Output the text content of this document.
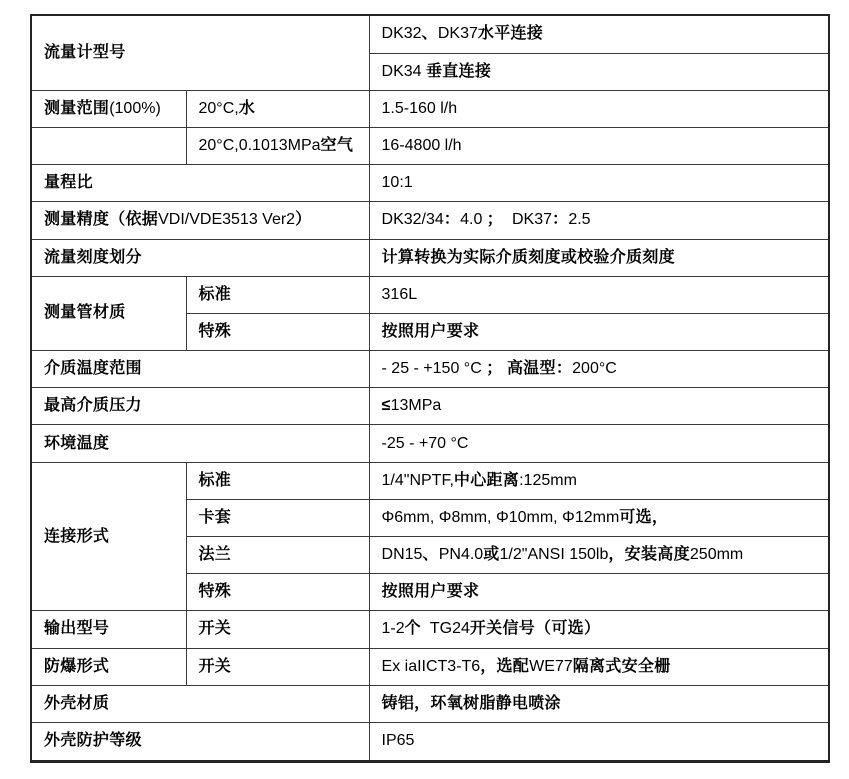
流量计型号		DK32、DK37水平连接
		DK34 垂直连接
测量范围(100%)	20°C,水	1.5-160 l/h
	20°C,0.1013MPa空气	16-4800 l/h
量程比		10:1
测量精度（依据VDI/VDE3513 Ver2）		DK32/34：4.0 ；  DK37：2.5
流量刻度划分		计算转换为实际介质刻度或校验介质刻度
测量管材质	标准	316L
	特殊	按照用户要求
介质温度范围		- 25 - +150 °C ； 高温型：200°C
最高介质压力		≤13MPa
环境温度		-25 - +70 °C
连接形式	标准	1/4"NPTF,中心距离:125mm
	卡套	Φ6mm, Φ8mm, Φ10mm, Φ12mm可选，
	法兰	DN15、PN4.0或1/2"ANSI 150lb，安装高度250mm
	特殊	按照用户要求
输出型号	开关	1-2个  TG24开关信号（可选）
防爆形式	开关	Ex iaIICT3-T6，选配WE77隔离式安全栅
外壳材质		铸铝，环氧树脂静电喷涂
外壳防护等级		IP65
